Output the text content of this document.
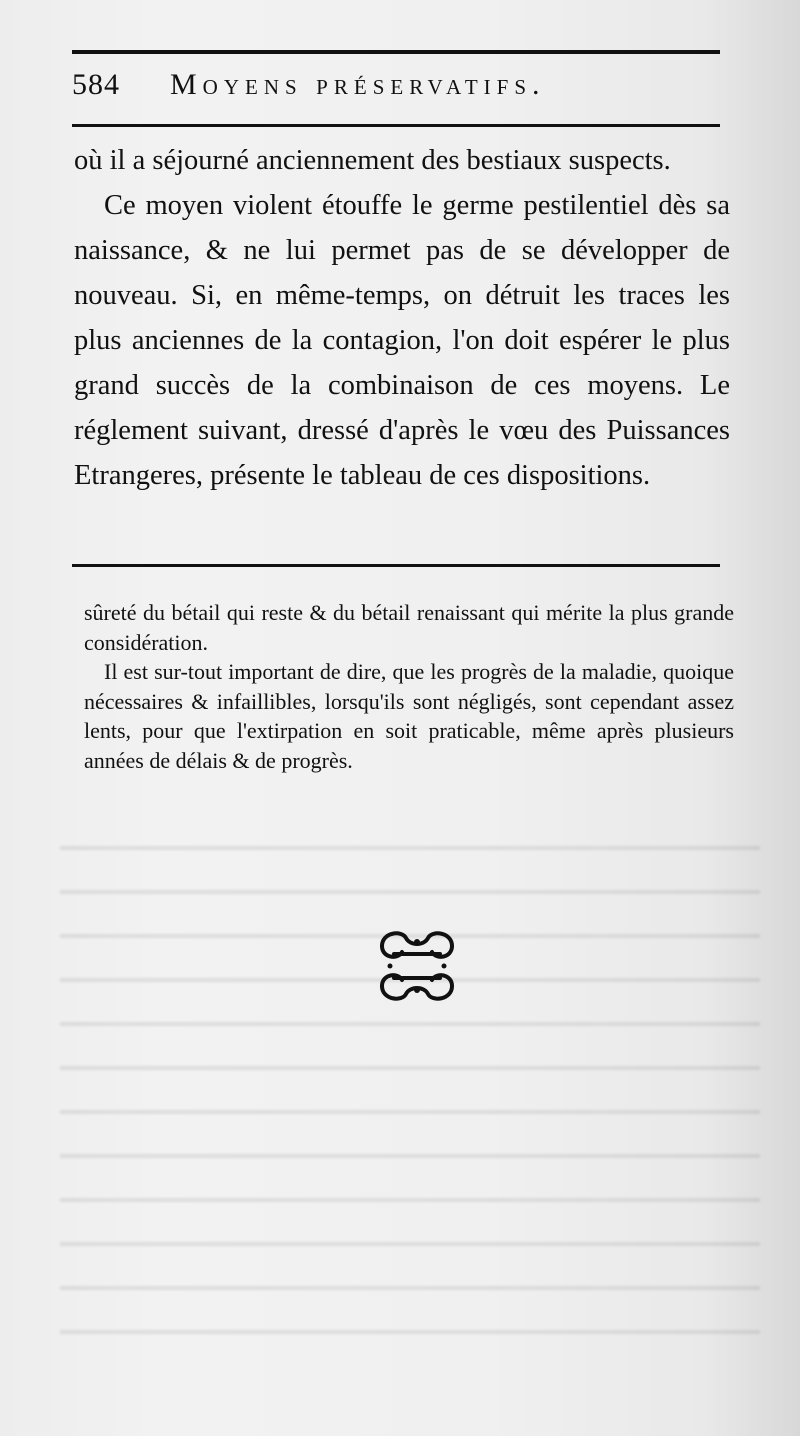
584 Moyens préservatifs.

où il a séjourné anciennement des bestiaux suspects.

Ce moyen violent étouffe le germe pestilentiel dès sa naissance, & ne lui permet pas de se développer de nouveau. Si, en même-temps, on détruit les traces les plus anciennes de la contagion, l'on doit espérer le plus grand succès de la combinaison de ces moyens. Le réglement suivant, dressé d'après le vœu des Puissances Etrangeres, présente le tableau de ces dispositions.

sûreté du bétail qui reste & du bétail renaissant qui mérite la plus grande considération.

Il est sur-tout important de dire, que les progrès de la maladie, quoique nécessaires & infaillibles, lorsqu'ils sont négligés, sont cependant assez lents, pour que l'extirpation en soit praticable, même après plusieurs années de délais & de progrès.
